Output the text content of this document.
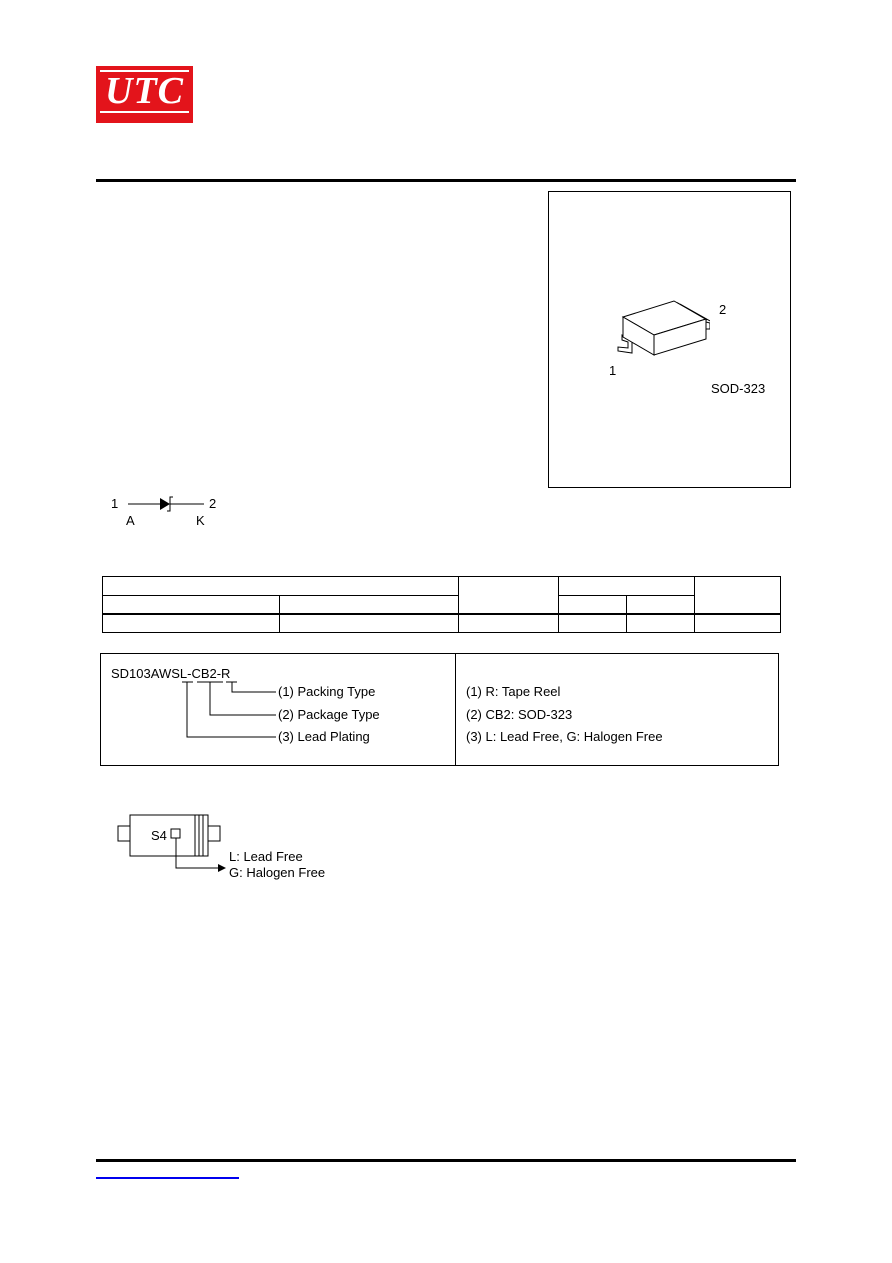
UTC
2
1
SOD-323
1	2
A	K

SD103AWSL-CB2-R
(1) Packing Type
(2) Package Type
(3) Lead Plating
(1) R: Tape Reel
(2) CB2: SOD-323
(3) L: Lead Free, G: Halogen Free
S4
L: Lead Free
G: Halogen Free
